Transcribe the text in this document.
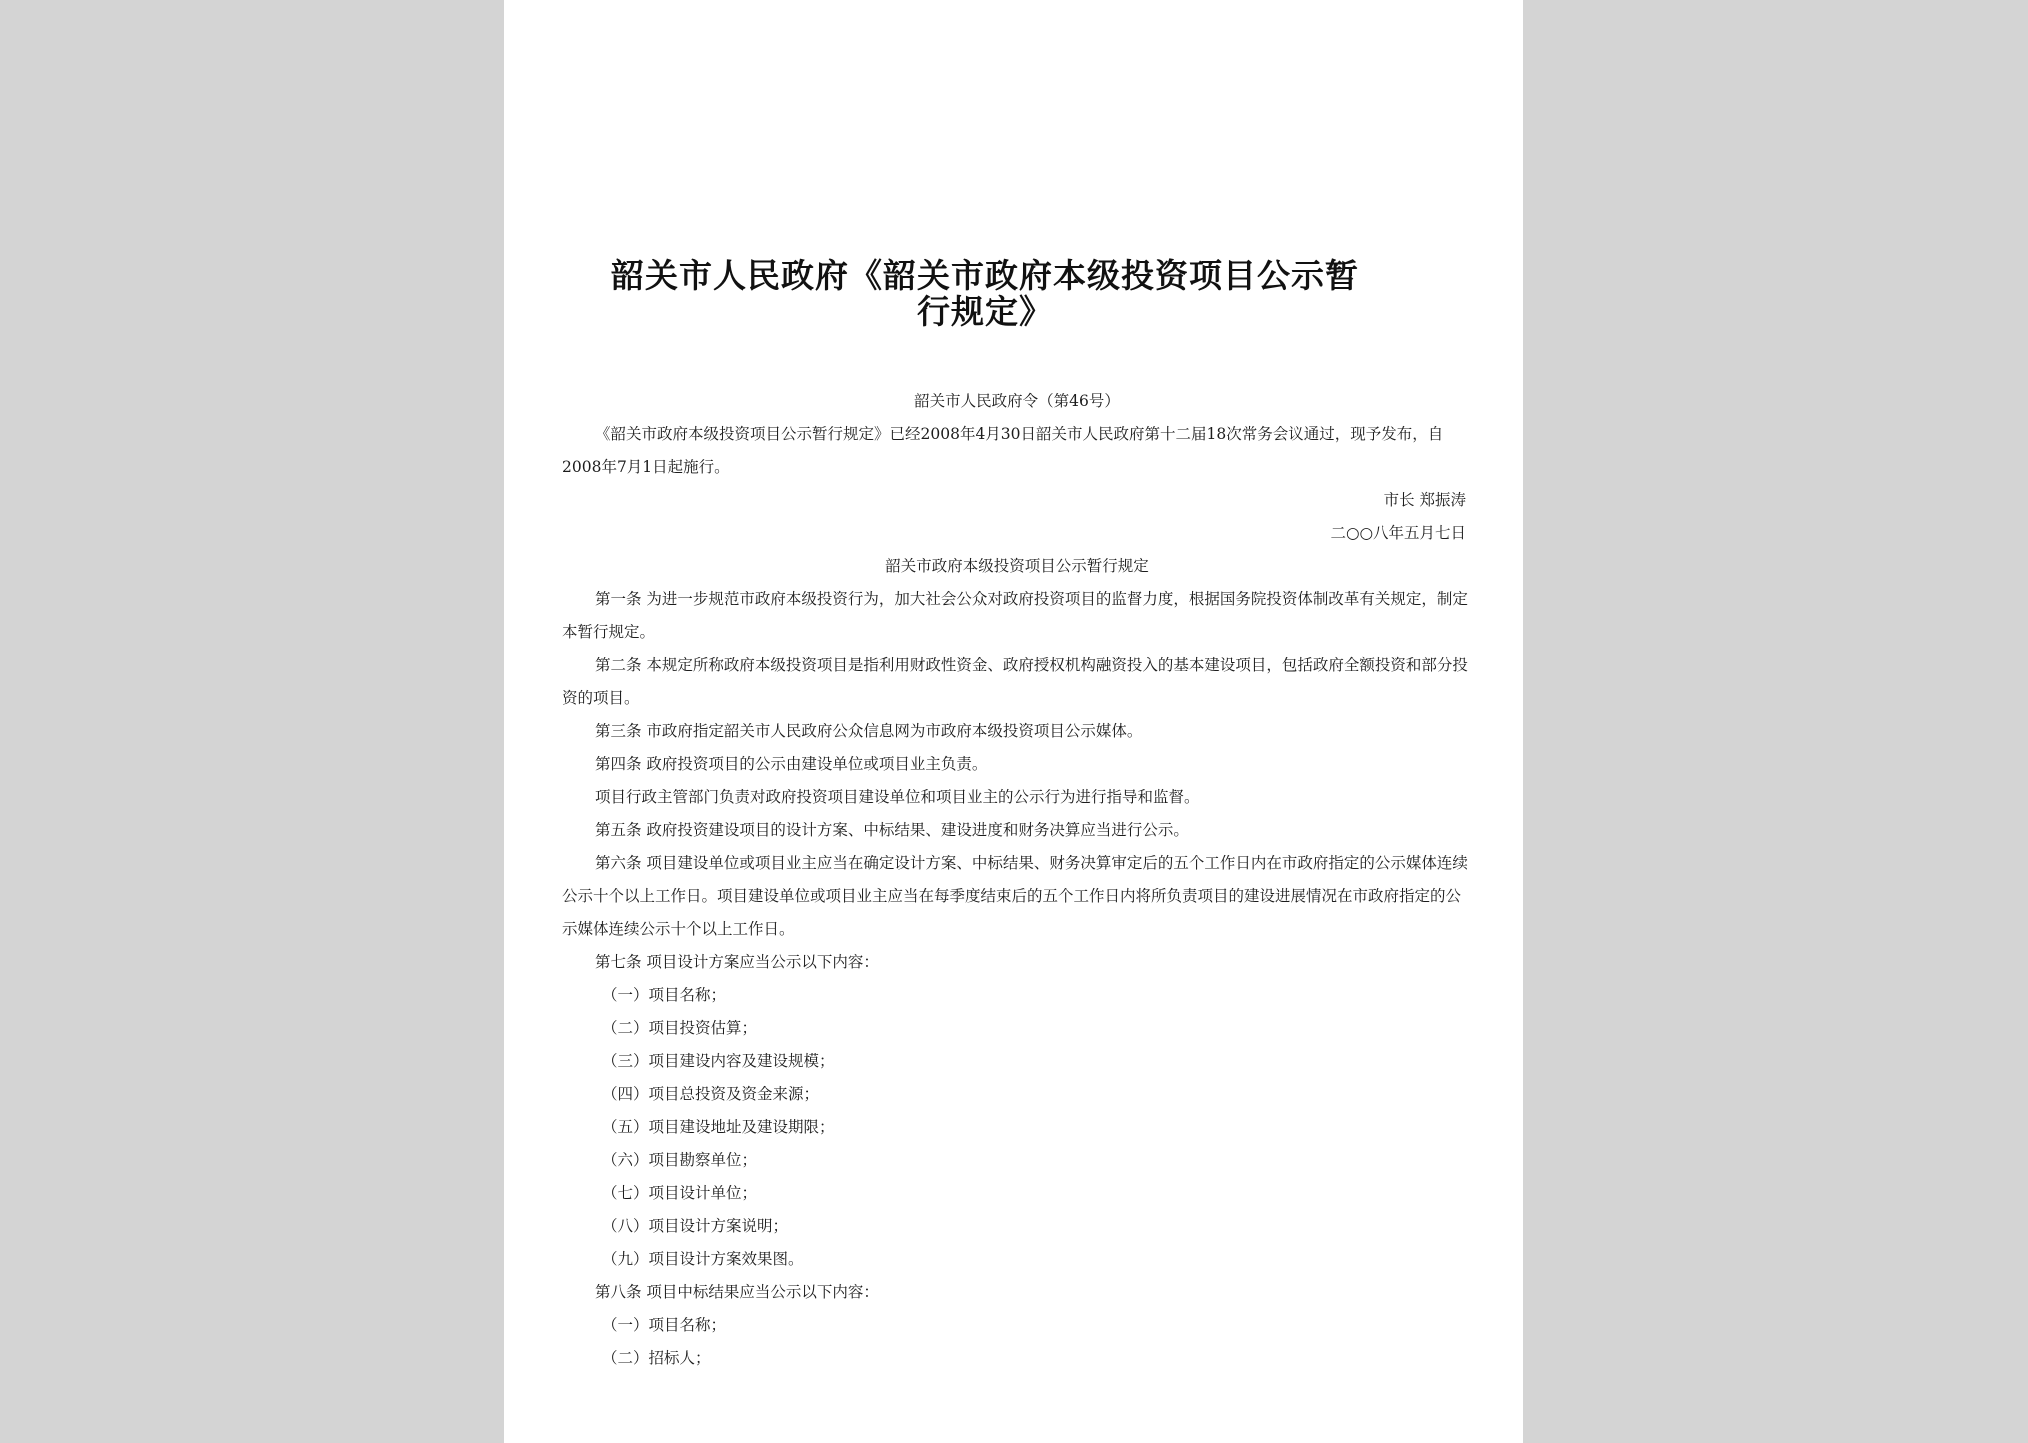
韶关市人民政府《韶关市政府本级投资项目公示暂行规定》

韶关市人民政府令（第46号）

《韶关市政府本级投资项目公示暂行规定》已经2008年4月30日韶关市人民政府第十二届18次常务会议通过，现予发布，自2008年7月1日起施行。

市长 郑振涛

二○○八年五月七日

韶关市政府本级投资项目公示暂行规定

第一条 为进一步规范市政府本级投资行为，加大社会公众对政府投资项目的监督力度，根据国务院投资体制改革有关规定，制定本暂行规定。

第二条 本规定所称政府本级投资项目是指利用财政性资金、政府授权机构融资投入的基本建设项目，包括政府全额投资和部分投资的项目。

第三条 市政府指定韶关市人民政府公众信息网为市政府本级投资项目公示媒体。

第四条 政府投资项目的公示由建设单位或项目业主负责。

项目行政主管部门负责对政府投资项目建设单位和项目业主的公示行为进行指导和监督。

第五条 政府投资建设项目的设计方案、中标结果、建设进度和财务决算应当进行公示。

第六条 项目建设单位或项目业主应当在确定设计方案、中标结果、财务决算审定后的五个工作日内在市政府指定的公示媒体连续公示十个以上工作日。项目建设单位或项目业主应当在每季度结束后的五个工作日内将所负责项目的建设进展情况在市政府指定的公示媒体连续公示十个以上工作日。

第七条 项目设计方案应当公示以下内容：

（一）项目名称；

（二）项目投资估算；

（三）项目建设内容及建设规模；

（四）项目总投资及资金来源；

（五）项目建设地址及建设期限；

（六）项目勘察单位；

（七）项目设计单位；

（八）项目设计方案说明；

（九）项目设计方案效果图。

第八条 项目中标结果应当公示以下内容：

（一）项目名称；

（二）招标人；
